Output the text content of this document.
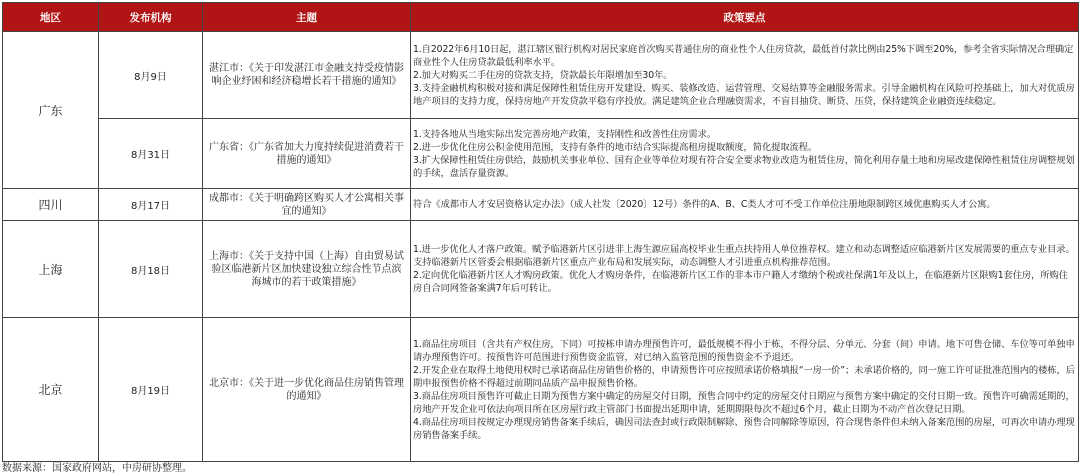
地区	发布机构	主题	政策要点
广东	8月9日	湛江市：《关于印发湛江市金融支持受疫情影响企业纾困和经济稳增长若干措施的通知》	1.自2022年6月10日起，湛江辖区银行机构对居民家庭首次购买普通住房的商业性个人住房贷款，最低首付款比例由25%下调至20%，参考全省实际情况合理确定商业性个人住房贷款最低利率水平。
2.加大对购买二手住房的贷款支持，贷款最长年限增加至30年。
3.支持金融机构积极对接和满足保障性租赁住房开发建设、购买、装修改造、运营管理、交易结算等金融服务需求。引导金融机构在风险可控基础上，加大对优质房地产项目的支持力度，保持房地产开发贷款平稳有序投放。满足建筑企业合理融资需求，不盲目抽贷、断贷、压贷，保持建筑企业融资连续稳定。

	8月31日	广东省：《广东省加大力度持续促进消费若干措施的通知》	1.支持各地从当地实际出发完善房地产政策，支持刚性和改善性住房需求。
2.进一步优化住房公积金使用范围，支持有条件的地市结合实际提高租房提取额度，简化提取流程。
3.扩大保障性租赁住房供给，鼓励机关事业单位、国有企业等单位对现有符合安全要求物业改造为租赁住房，简化利用存量土地和房屋改建保障性租赁住房调整规划的手续，盘活存量资源。

四川	8月17日	成都市：《关于明确跨区购买人才公寓相关事宜的通知》	符合《成都市人才安居资格认定办法》（成人社发〔2020〕12号）条件的A、B、C类人才可不受工作单位注册地限制跨区域优惠购买人才公寓。

上海	8月18日	上海市：《关于支持中国（上海）自由贸易试验区临港新片区加快建设独立综合性节点滨海城市的若干政策措施》	1.进一步优化人才落户政策。赋予临港新片区引进非上海生源应届高校毕业生重点扶持用人单位推荐权。建立和动态调整适应临港新片区发展需要的重点专业目录。支持临港新片区管委会根据临港新片区重点产业布局和发展实际，动态调整人才引进重点机构推荐范围。
2.定向优化临港新片区人才购房政策。优化人才购房条件，在临港新片区工作的非本市户籍人才缴纳个税或社保满1年及以上，在临港新片区限购1套住房，所购住房自合同网签备案满7年后可转让。

北京	8月19日	北京市：《关于进一步优化商品住房销售管理的通知》	1.商品住房项目（含共有产权住房，下同）可按栋申请办理预售许可，最低规模不得小于栋，不得分层、分单元、分套（间）申请。地下可售仓储、车位等可单独申请办理预售许可。按预售许可范围进行预售资金监管，对已纳入监管范围的预售资金不予退还。
2.开发企业在取得土地使用权时已承诺商品住房销售价格的，申请预售许可应按照承诺价格填报“一房一价”；未承诺价格的，同一施工许可证批准范围内的楼栋，后期申报预售价格不得超过前期同品质产品申报预售价格。
3.商品住房项目预售许可截止日期为预售方案中确定的房屋交付日期，预售合同中约定的房屋交付日期应与预售方案中确定的交付日期一致。预售许可确需延期的，房地产开发企业可依法向项目所在区房屋行政主管部门书面提出延期申请，延期期限每次不超过6个月，截止日期为不动产首次登记日期。
4.商品住房项目按规定办理现房销售备案手续后，确因司法查封或行政限制解除、预售合同解除等原因，符合现售条件但未纳入备案范围的房屋，可再次申请办理现房销售备案手续。
数据来源：国家政府网站，中房研协整理。
